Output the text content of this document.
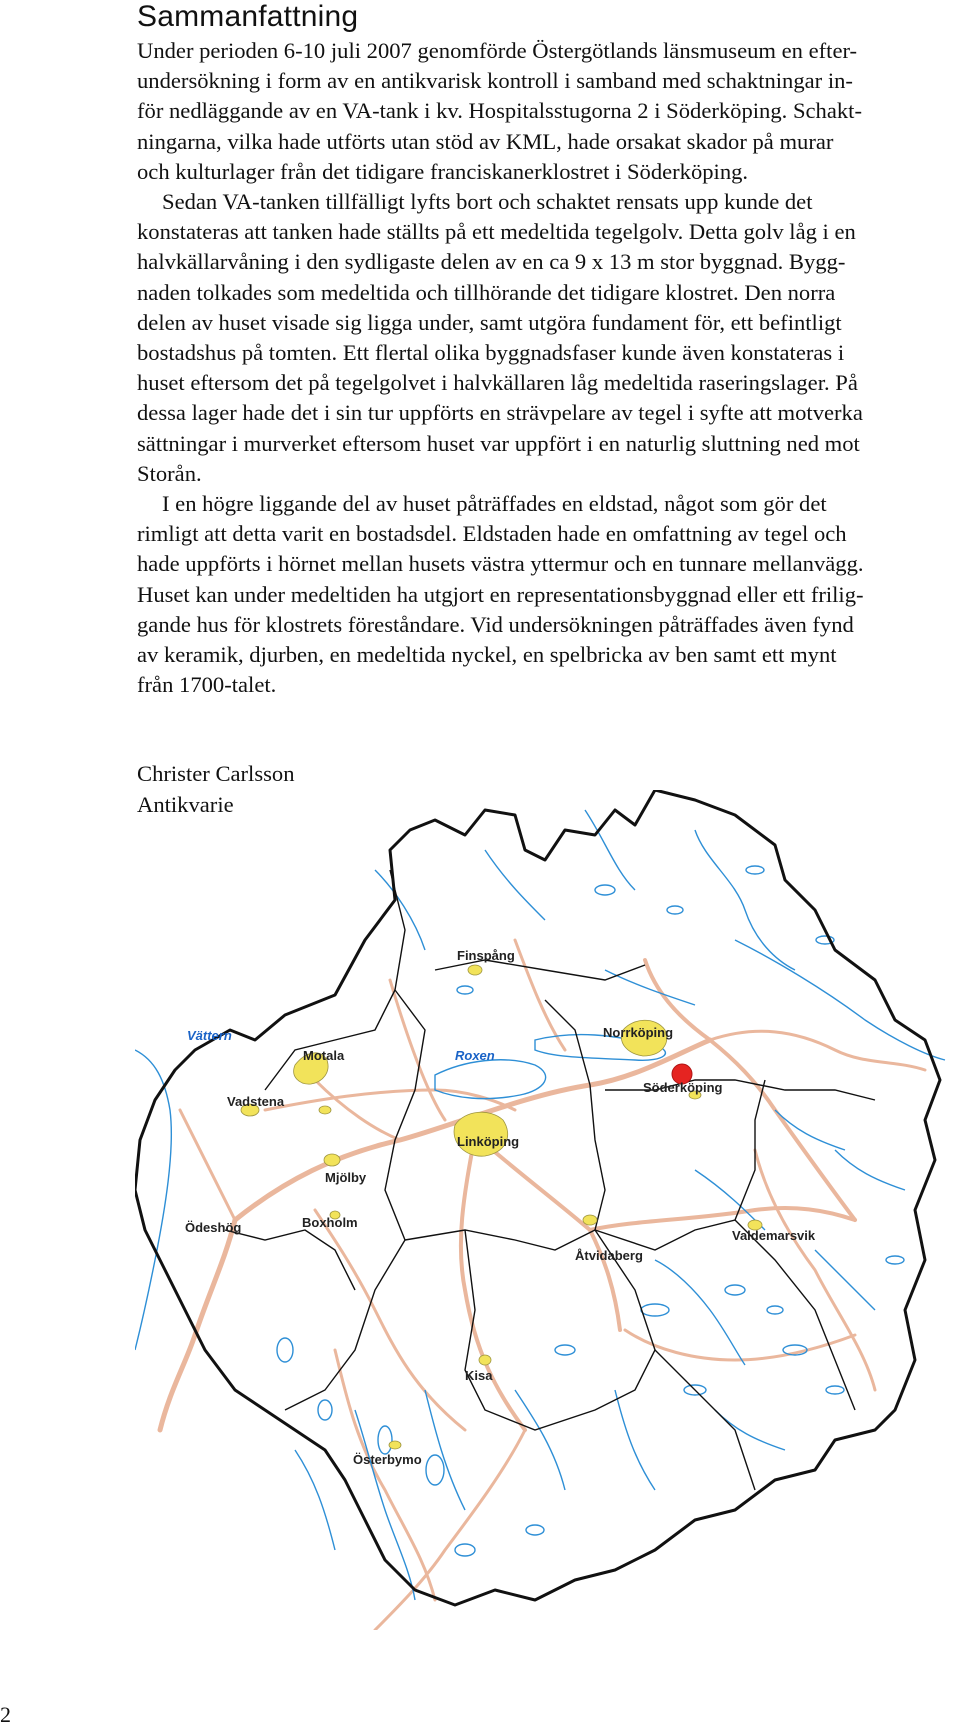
Sammanfattning

Under perioden 6-10 juli 2007 genomförde Östergötlands länsmuseum en efter-
undersökning i form av en antikvarisk kontroll i samband med schaktningar in-
för nedläggande av en VA-tank i kv. Hospitalsstugorna 2 i Söderköping. Schakt-
ningarna, vilka hade utförts utan stöd av KML, hade orsakat skador på murar
och kulturlager från det tidigare franciskanerklostret i Söderköping.

Sedan VA-tanken tillfälligt lyfts bort och schaktet rensats upp kunde det
konstateras att tanken hade ställts på ett medeltida tegelgolv. Detta golv låg i en
halvkällarvåning i den sydligaste delen av en ca 9 x 13 m stor byggnad. Bygg-
naden tolkades som medeltida och tillhörande det tidigare klostret. Den norra
delen av huset visade sig ligga under, samt utgöra fundament för, ett befintligt
bostadshus på tomten. Ett flertal olika byggnadsfaser kunde även konstateras i
huset eftersom det på tegelgolvet i halvkällaren låg medeltida raseringslager. På
dessa lager hade det i sin tur uppförts en strävpelare av tegel i syfte att motverka
sättningar i murverket eftersom huset var uppfört i en naturlig sluttning ned mot
Storån.

I en högre liggande del av huset påträffades en eldstad, något som gör det
rimligt att detta varit en bostadsdel. Eldstaden hade en omfattning av tegel och
hade uppförts i hörnet mellan husets västra yttermur och en tunnare mellanvägg.
Huset kan under medeltiden ha utgjort en representationsbyggnad eller ett frilig-
gande hus för klostrets föreståndare. Vid undersökningen påträffades även fynd
av keramik, djurben, en medeltida nyckel, en spelbricka av ben samt ett mynt
från 1700-talet.

Christer Carlsson
Antikvarie
Vättern
Roxen
Finspång
Motala
Norrköping
Söderköping
Vadstena
Linköping
Mjölby
Boxholm
Ödeshög
Åtvidaberg
Valdemarsvik
Kisa
Österbymo
2
